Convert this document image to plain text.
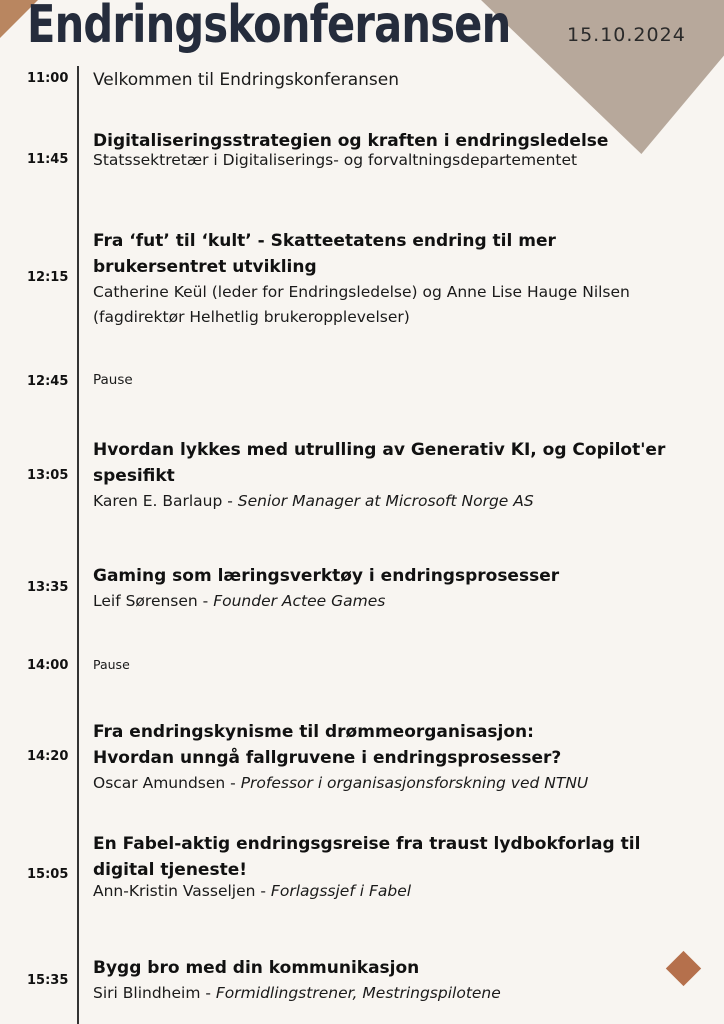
Endringskonferansen	15.10.2024
11:00 Velkommen til Endringskonferansen
11:45
Digitaliseringsstrategien og kraften i endringsledelse
Statssektretær i Digitaliserings- og forvaltningsdepartementet
12:15
Fra ‘fut’ til ‘kult’ - Skatteetatens endring til mer brukersentret utvikling
Catherine Keül (leder for Endringsledelse) og Anne Lise Hauge Nilsen (fagdirektør Helhetlig brukeropplevelser)
12:45 Pause
13:05
Hvordan lykkes med utrulling av Generativ KI, og Copilot'er spesifikt
Karen E. Barlaup - Senior Manager at Microsoft Norge AS
13:35
Gaming som læringsverktøy i endringsprosesser
Leif Sørensen - Founder Actee Games
14:00 Pause
14:20
Fra endringskynisme til drømmeorganisasjon:
Hvordan unngå fallgruvene i endringsprosesser?
Oscar Amundsen - Professor i organisasjonsforskning ved NTNU
15:05
En Fabel-aktig endringsgsreise fra traust lydbokforlag til digital tjeneste!
Ann-Kristin Vasseljen - Forlagssjef i Fabel
15:35
Bygg bro med din kommunikasjon
Siri Blindheim - Formidlingstrener, Mestringspilotene
